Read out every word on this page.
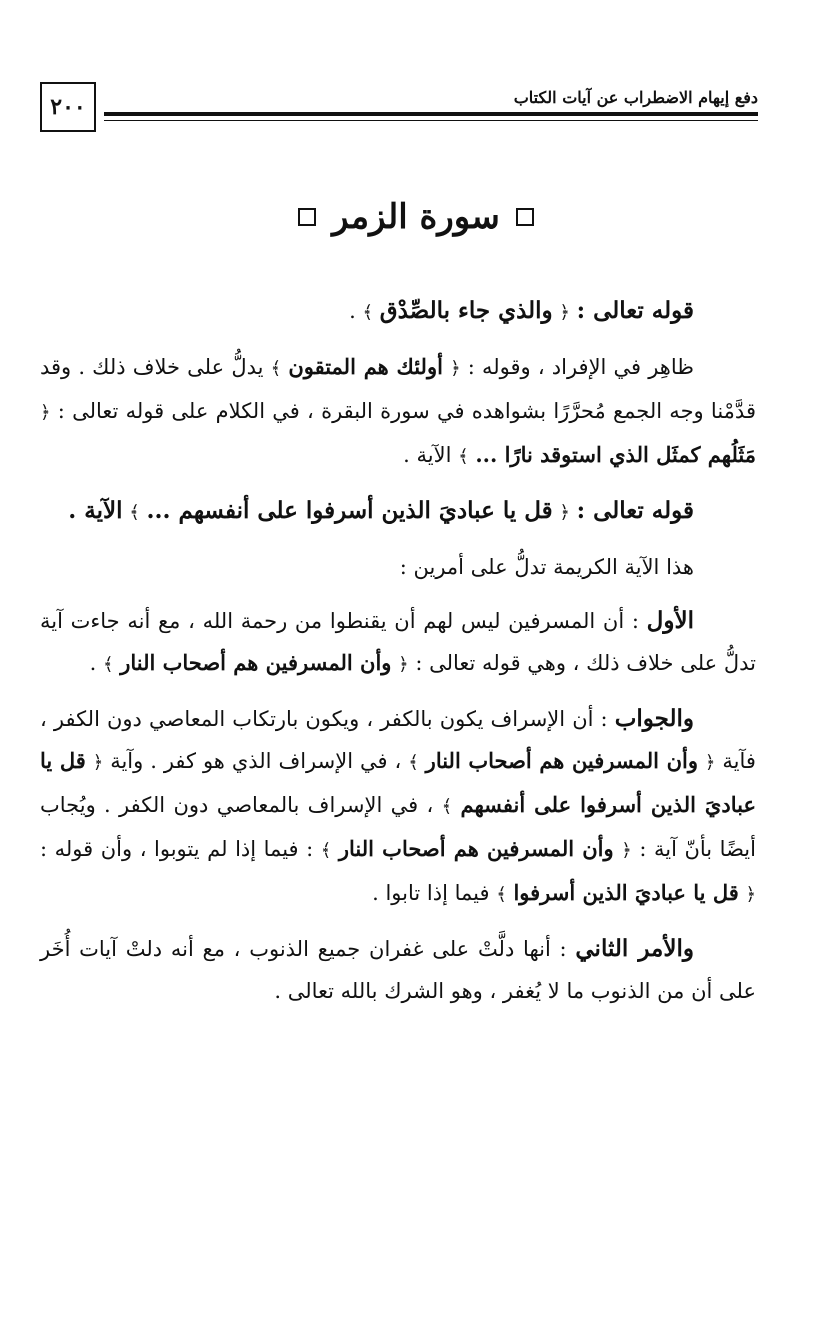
٢٠٠	دفع إيهام الاضطراب عن آيات الكتاب
سورة الزمر

قوله تعالى : ﴿ والذي جاء بالصِّدْق ﴾ .

ظاهِر في الإفراد ، وقوله : ﴿ أولئك هم المتقون ﴾ يدلُّ على خلاف ذلك . وقد قدَّمْنا وجه الجمع مُحرَّرًا بشواهده في سورة البقرة ، في الكلام على قوله تعالى : ﴿ مَثَلُهم كمثَل الذي استوقد نارًا ... ﴾ الآية .

قوله تعالى : ﴿ قل يا عباديَ الذين أسرفوا على أنفسهم ... ﴾ الآية .

هذا الآية الكريمة تدلُّ على أمرين :

الأول : أن المسرفين ليس لهم أن يقنطوا من رحمة الله ، مع أنه جاءت آية تدلُّ على خلاف ذلك ، وهي قوله تعالى : ﴿ وأن المسرفين هم أصحاب النار ﴾ .

والجواب : أن الإسراف يكون بالكفر ، ويكون بارتكاب المعاصي دون الكفر ، فآية ﴿ وأن المسرفين هم أصحاب النار ﴾ ، في الإسراف الذي هو كفر . وآية ﴿ قل يا عباديَ الذين أسرفوا على أنفسهم ﴾ ، في الإسراف بالمعاصي دون الكفر . ويُجاب أيضًا بأنّ آية : ﴿ وأن المسرفين هم أصحاب النار ﴾ : فيما إذا لم يتوبوا ، وأن قوله : ﴿ قل يا عباديَ الذين أسرفوا ﴾ فيما إذا تابوا .

والأمر الثاني : أنها دلَّتْ على غفران جميع الذنوب ، مع أنه دلتْ آيات أُخَر على أن من الذنوب ما لا يُغفر ، وهو الشرك بالله تعالى .
